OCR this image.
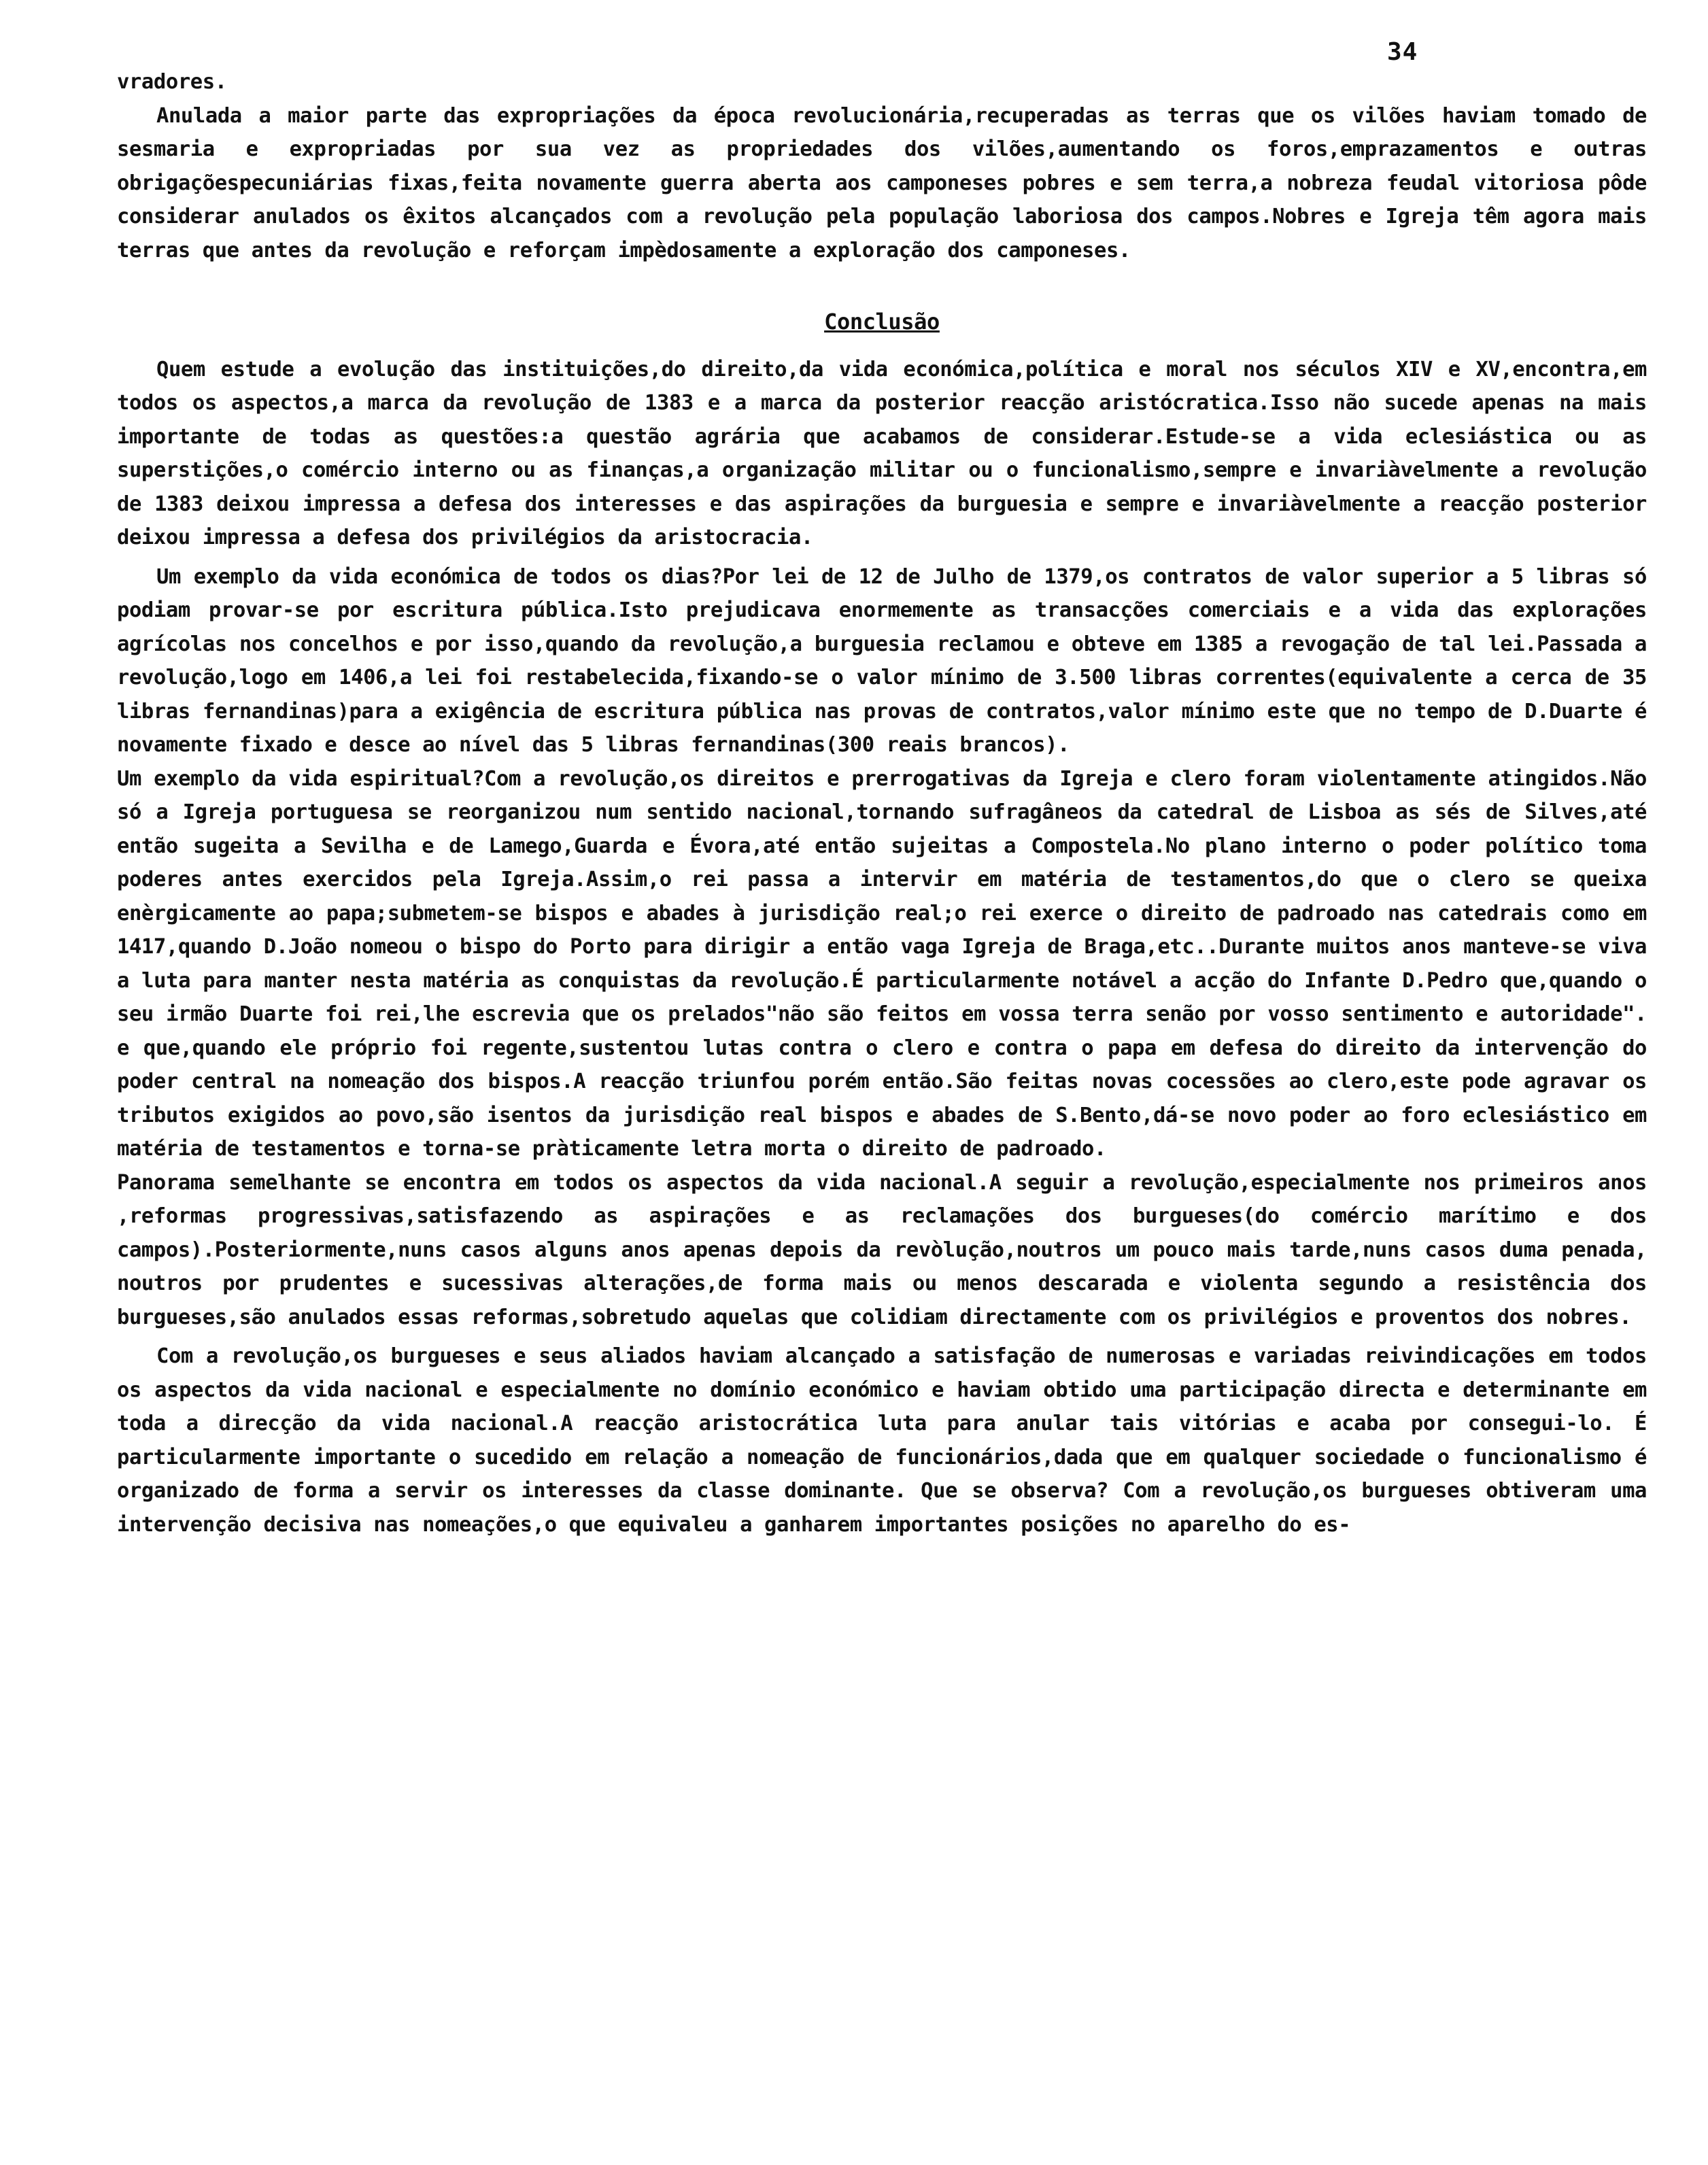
34

vradores.

Anulada a maior parte das expropriações da época revolucionária,recuperadas as terras que os vilões haviam tomado de sesmaria e expropriadas por sua vez as propriedades dos vilões,aumentando os foros,emprazamentos e outras obrigaçõespecuniárias fixas,feita novamente guerra aberta aos camponeses pobres e sem terra,a nobreza feudal vitoriosa pôde considerar anulados os êxitos alcançados com a revolução pela população laboriosa dos campos.Nobres e Igreja têm agora mais terras que antes da revolução e reforçam impèdosamente a exploração dos camponeses.

Conclusão

Quem estude a evolução das instituições,do direito,da vida económica,política e moral nos séculos XIV e XV,encontra,em todos os aspectos,a marca da revolução de 1383 e a marca da posterior reacção aristócratica.Isso não sucede apenas na mais importante de todas as questões:a questão agrária que acabamos de considerar.Estude-se a vida eclesiástica ou as superstições,o comércio interno ou as finanças,a organização militar ou o funcionalismo,sempre e invariàvelmente a revolução de 1383 deixou impressa a defesa dos interesses e das aspirações da burguesia e sempre e invariàvelmente a reacção posterior deixou impressa a defesa dos privilégios da aristocracia.

Um exemplo da vida económica de todos os dias?Por lei de 12 de Julho de 1379,os contratos de valor superior a 5 libras só podiam provar-se por escritura pública.Isto prejudicava enormemente as transacções comerciais e a vida das explorações agrícolas nos concelhos e por isso,quando da revolução,a burguesia reclamou e obteve em 1385 a revogação de tal lei.Passada a revolução,logo em 1406,a lei foi restabelecida,fixando-se o valor mínimo de 3.500 libras correntes(equivalente a cerca de 35 libras fernandinas)para a exigência de escritura pública nas provas de contratos,valor mínimo este que no tempo de D.Duarte é novamente fixado e desce ao nível das 5 libras fernandinas(300 reais brancos).

Um exemplo da vida espiritual?Com a revolução,os direitos e prerrogativas da Igreja e clero foram violentamente atingidos.Não só a Igreja portuguesa se reorganizou num sentido nacional,tornando sufragâneos da catedral de Lisboa as sés de Silves,até então sugeita a Sevilha e de Lamego,Guarda e Évora,até então sujeitas a Compostela.No plano interno o poder político toma poderes antes exercidos pela Igreja.Assim,o rei passa a intervir em matéria de testamentos,do que o clero se queixa enèrgicamente ao papa;submetem-se bispos e abades à jurisdição real;o rei exerce o direito de padroado nas catedrais como em 1417,quando D.João nomeou o bispo do Porto para dirigir a então vaga Igreja de Braga,etc..Durante muitos anos manteve-se viva a luta para manter nesta matéria as conquistas da revolução.É particularmente notável a acção do Infante D.Pedro que,quando o seu irmão Duarte foi rei,lhe escrevia que os prelados"não são feitos em vossa terra senão por vosso sentimento e autoridade". e que,quando ele próprio foi regente,sustentou lutas contra o clero e contra o papa em defesa do direito da intervenção do poder central na nomeação dos bispos.A reacção triunfou porém então.São feitas novas cocessões ao clero,este pode agravar os tributos exigidos ao povo,são isentos da jurisdição real bispos e abades de S.Bento,dá-se novo poder ao foro eclesiástico em matéria de testamentos e torna-se pràticamente letra morta o direito de padroado.

Panorama semelhante se encontra em todos os aspectos da vida nacional.A seguir a revolução,especialmente nos primeiros anos ,reformas progressivas,satisfazendo as aspirações e as reclamações dos burgueses(do comércio marítimo e dos campos).Posteriormente,nuns casos alguns anos apenas depois da revòlução,noutros um pouco mais tarde,nuns casos duma penada, noutros por prudentes e sucessivas alterações,de forma mais ou menos descarada e violenta segundo a resistência dos burgueses,são anulados essas reformas,sobretudo aquelas que colidiam directamente com os privilégios e proventos dos nobres.

Com a revolução,os burgueses e seus aliados haviam alcançado a satisfação de numerosas e variadas reivindicações em todos os aspectos da vida nacional e especialmente no domínio económico e haviam obtido uma participação directa e determinante em toda a direcção da vida nacional.A reacção aristocrática luta para anular tais vitórias e acaba por consegui-lo. É particularmente importante o sucedido em relação a nomeação de funcionários,dada que em qualquer sociedade o funcionalismo é organizado de forma a servir os interesses da classe dominante. Que se observa? Com a revolução,os burgueses obtiveram uma intervenção decisiva nas nomeações,o que equivaleu a ganharem importantes posições no aparelho do es-
